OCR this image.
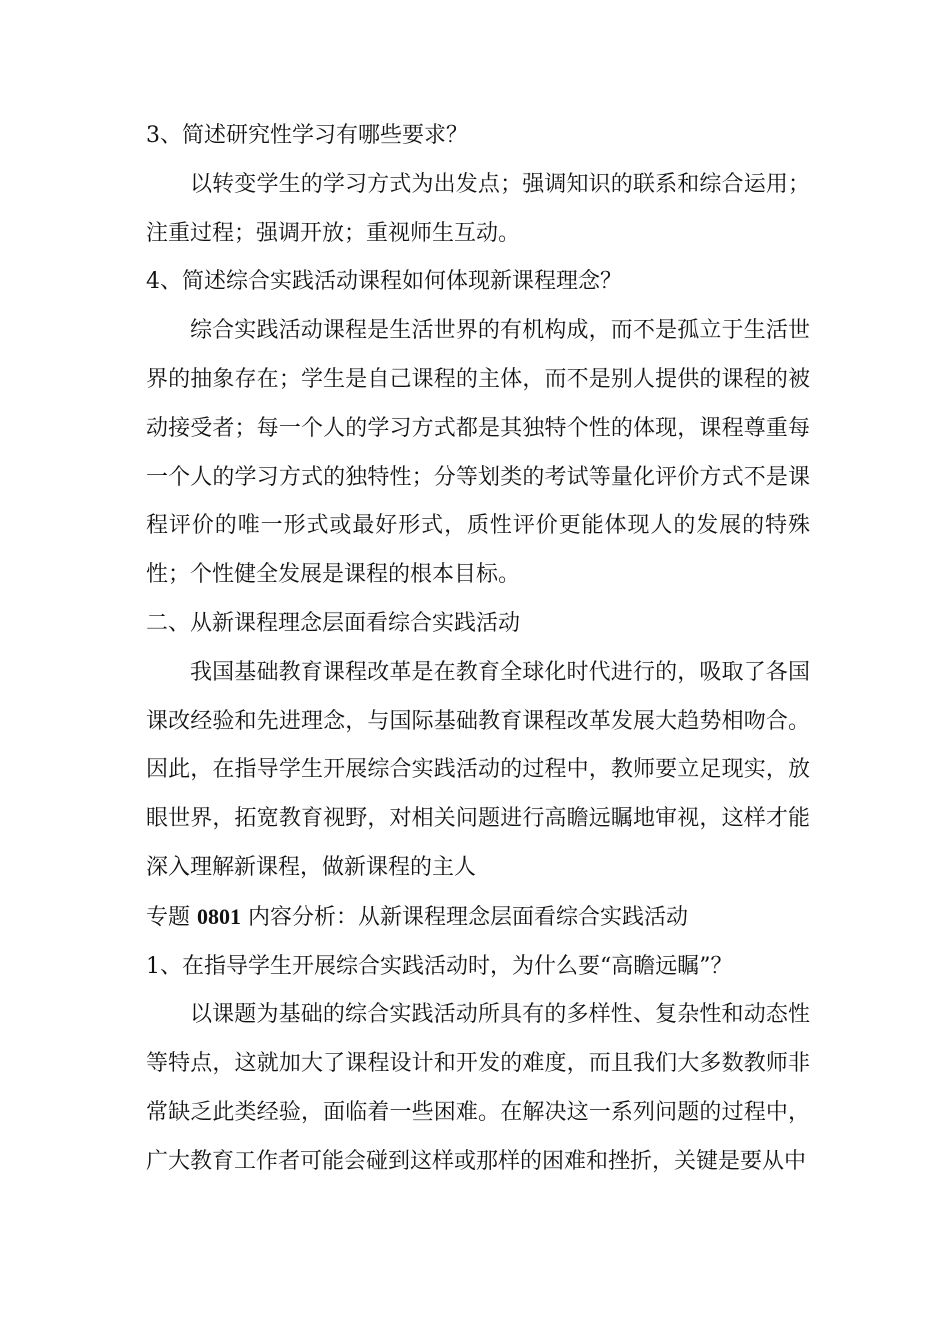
3、简述研究性学习有哪些要求？

以转变学生的学习方式为出发点；强调知识的联系和综合运用；注重过程；强调开放；重视师生互动。

4、简述综合实践活动课程如何体现新课程理念？

综合实践活动课程是生活世界的有机构成，而不是孤立于生活世界的抽象存在；学生是自己课程的主体，而不是别人提供的课程的被动接受者；每一个人的学习方式都是其独特个性的体现，课程尊重每一个人的学习方式的独特性；分等划类的考试等量化评价方式不是课程评价的唯一形式或最好形式，质性评价更能体现人的发展的特殊性；个性健全发展是课程的根本目标。

二、从新课程理念层面看综合实践活动

我国基础教育课程改革是在教育全球化时代进行的，吸取了各国课改经验和先进理念，与国际基础教育课程改革发展大趋势相吻合。因此，在指导学生开展综合实践活动的过程中，教师要立足现实，放眼世界，拓宽教育视野，对相关问题进行高瞻远瞩地审视，这样才能深入理解新课程，做新课程的主人

专题 0801 内容分析：从新课程理念层面看综合实践活动

1、在指导学生开展综合实践活动时，为什么要“高瞻远瞩”？

以课题为基础的综合实践活动所具有的多样性、复杂性和动态性等特点，这就加大了课程设计和开发的难度，而且我们大多数教师非常缺乏此类经验，面临着一些困难。在解决这一系列问题的过程中，广大教育工作者可能会碰到这样或那样的困难和挫折，关键是要从中
